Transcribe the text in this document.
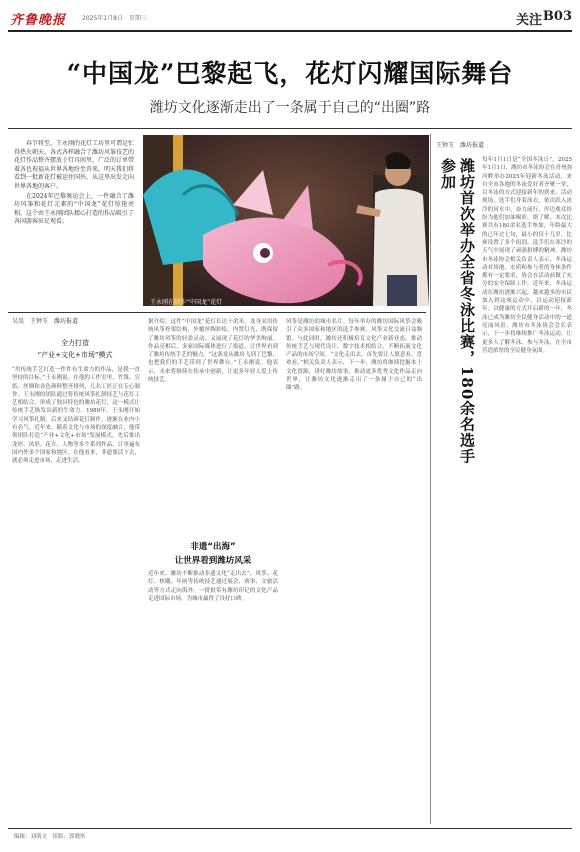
齐鲁晚报	2025年1月8日　星期三	关注 B03
“中国龙”巴黎起飞，花灯闪耀国际舞台
潍坊文化逐渐走出了一条属于自己的“出圈”路

春节将至，王永刚的花灯工坊里可谓是忙得热火朝天。各式各样融合了潍坊风筝技艺的花灯作品整齐摆放于灯具间里，广泛的订单带着各色祝福从世界各地纷至沓来。明天我们将看到一批新花灯被运往国外，从这里出发走向世界各地的客户。

在2024年巴黎奥运会上，一件融合了潍坊风筝和花灯元素的“中国龙”花灯惊艳亮相，这个由王永刚团队精心打造的作品吸引了各国游客驻足观看。

王永刚在制作“中国龙”花灯
吴昊　王钟玉　潍坊报道
全力打造
“产业+文化+市场”模式
“用传统手艺打造一件件有生命力的作品，是我一直坚持的目标。”王永刚说。在他的工作室里，竹篾、宣纸、丝绸和各色颜料整齐排列，几名工匠正在专心制作。王永刚的团队通过将传统风筝扎制技艺与花灯工艺相结合，形成了独具特色的潍坊花灯，这一模式让传统手艺焕发出新的生命力。1989年，王永刚开始学习风筝扎制，后来又钻研花灯制作，逐渐在业内小有名气。近年来，随着文化与市场的深度融合，他带领团队打造“产业+文化+市场”发展模式，先后推出龙形、凤形、花卉、人物等多个系列作品，订单遍布国内外多个国家和地区。在他看来，非遗要活下去，就必须走进市场，走进生活。
据介绍，这件“中国龙”花灯长达十余米，龙身采用传统风筝骨架结构，外覆丝绸彩绘，内置灯光，既保留了潍坊风筝的轻盈灵动，又展现了花灯的华美绚丽。作品亮相后，多家国际媒体进行了报道，让世界看到了潍坊传统手艺的魅力。“这条龙从潍坊飞到了巴黎，也把我们的手艺带到了世界舞台。”王永刚说。他表示，未来将继续在传承中创新，让更多年轻人爱上传统技艺。
非遗“出海”
让世界看到潍坊风采
近年来，潍坊不断推动非遗文化“走出去”，风筝、花灯、核雕、年画等传统技艺通过展会、赛事、文旅活动等方式走向海外。一批批带有潍坊印记的文化产品走进国际市场，为城市赢得了良好口碑。
风筝是潍坊的城市名片。每年举办的潍坊国际风筝会吸引了众多国家和地区的选手参赛，风筝文化交流日益频繁。与此同时，潍坊还积极培育文化产业新业态，推动传统手艺与现代设计、数字技术相结合，不断拓展文化产品的市场空间。“文化走出去，首先要让人愿意看、喜欢看。”相关负责人表示，下一步，潍坊将继续挖掘本土文化资源，讲好潍坊故事，推动更多优秀文化作品走向世界，让潍坊文化逐渐走出了一条属于自己的“出圈”路。
王钟玉　潍坊报道
潍坊首次举办全省冬泳比赛，180余名选手参加	每年1月1日是“全国冬泳日”。2025年1月1日，潍坊市冬泳协会在青州弥河畔举办2025年迎新冬泳活动，来自全市各地的冬泳爱好者齐聚一堂，以冬泳的方式迎接新年的到来。活动现场，选手们身着泳衣，依次跃入冰冷的河水中，奋力前行，岸边观众纷纷为他们加油喝彩。据了解，本次比赛共有180余名选手参加，年龄最大的已年过七旬，最小的仅十几岁。比赛设置了多个组别，选手们在寒冷的天气中展现了顽强拼搏的精神。潍坊市冬泳协会相关负责人表示，冬泳运动对场地、水质和参与者的身体条件都有一定要求，协会在活动前做了充分的安全保障工作。近年来，冬泳运动在潍坊逐渐兴起，越来越多的市民加入到这项运动中，以运动迎接新年，以健康的方式开启新的一年，冬泳已成为潍坊全民健身活动中的一道亮丽风景。潍坊市冬泳协会会长表示，下一步将继续推广冬泳运动，让更多人了解冬泳、参与冬泳，在全市营造浓厚的全民健身氛围。
编辑：刘萌文　组版：郭晓彤
